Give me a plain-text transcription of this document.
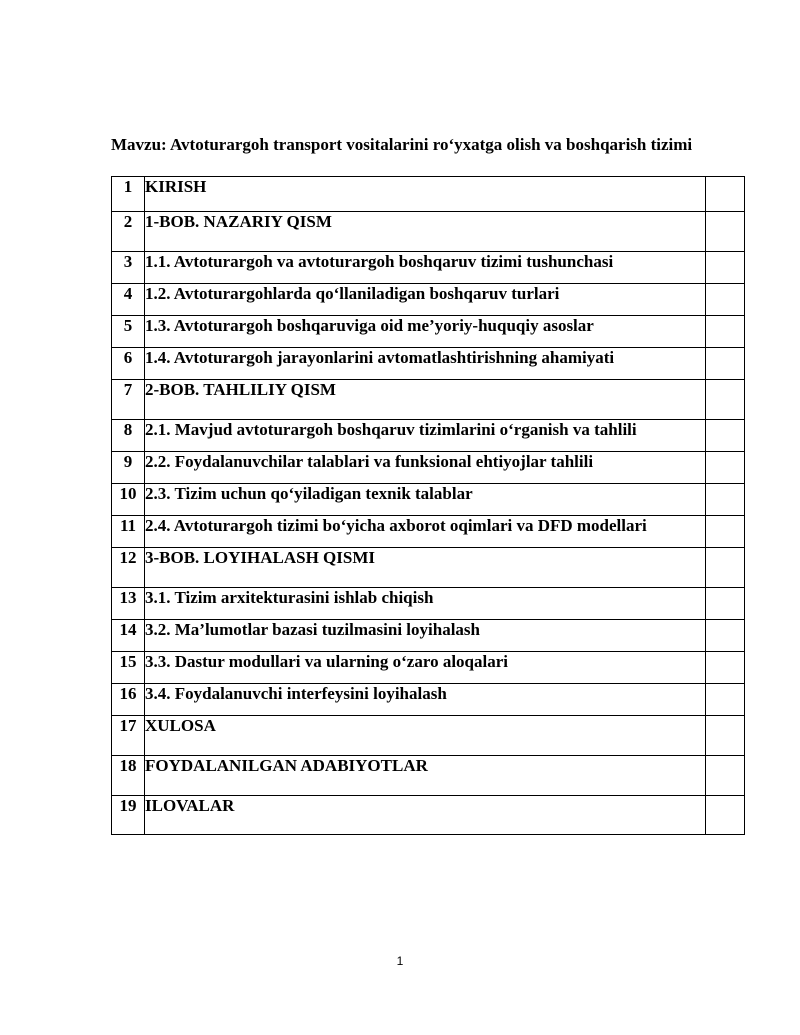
Mavzu: Avtoturargoh transport vositalarini ro‘yxatga olish va boshqarish tizimi
1	KIRISH	
2	1-BOB. NAZARIY QISM	
3	1.1. Avtoturargoh va avtoturargoh boshqaruv tizimi tushunchasi	
4	1.2. Avtoturargohlarda qo‘llaniladigan boshqaruv turlari	
5	1.3. Avtoturargoh boshqaruviga oid me’yoriy-huquqiy asoslar	
6	1.4. Avtoturargoh jarayonlarini avtomatlashtirishning ahamiyati	
7	2-BOB. TAHLILIY QISM	
8	2.1. Mavjud avtoturargoh boshqaruv tizimlarini o‘rganish va tahlili	
9	2.2. Foydalanuvchilar talablari va funksional ehtiyojlar tahlili	
10	2.3. Tizim uchun qo‘yiladigan texnik talablar	
11	2.4. Avtoturargoh tizimi bo‘yicha axborot oqimlari va DFD modellari	
12	3-BOB. LOYIHALASH QISMI	
13	3.1. Tizim arxitekturasini ishlab chiqish	
14	3.2. Ma’lumotlar bazasi tuzilmasini loyihalash	
15	3.3. Dastur modullari va ularning o‘zaro aloqalari	
16	3.4. Foydalanuvchi interfeysini loyihalash	
17	XULOSA	
18	FOYDALANILGAN ADABIYOTLAR	
19	ILOVALAR	
1
